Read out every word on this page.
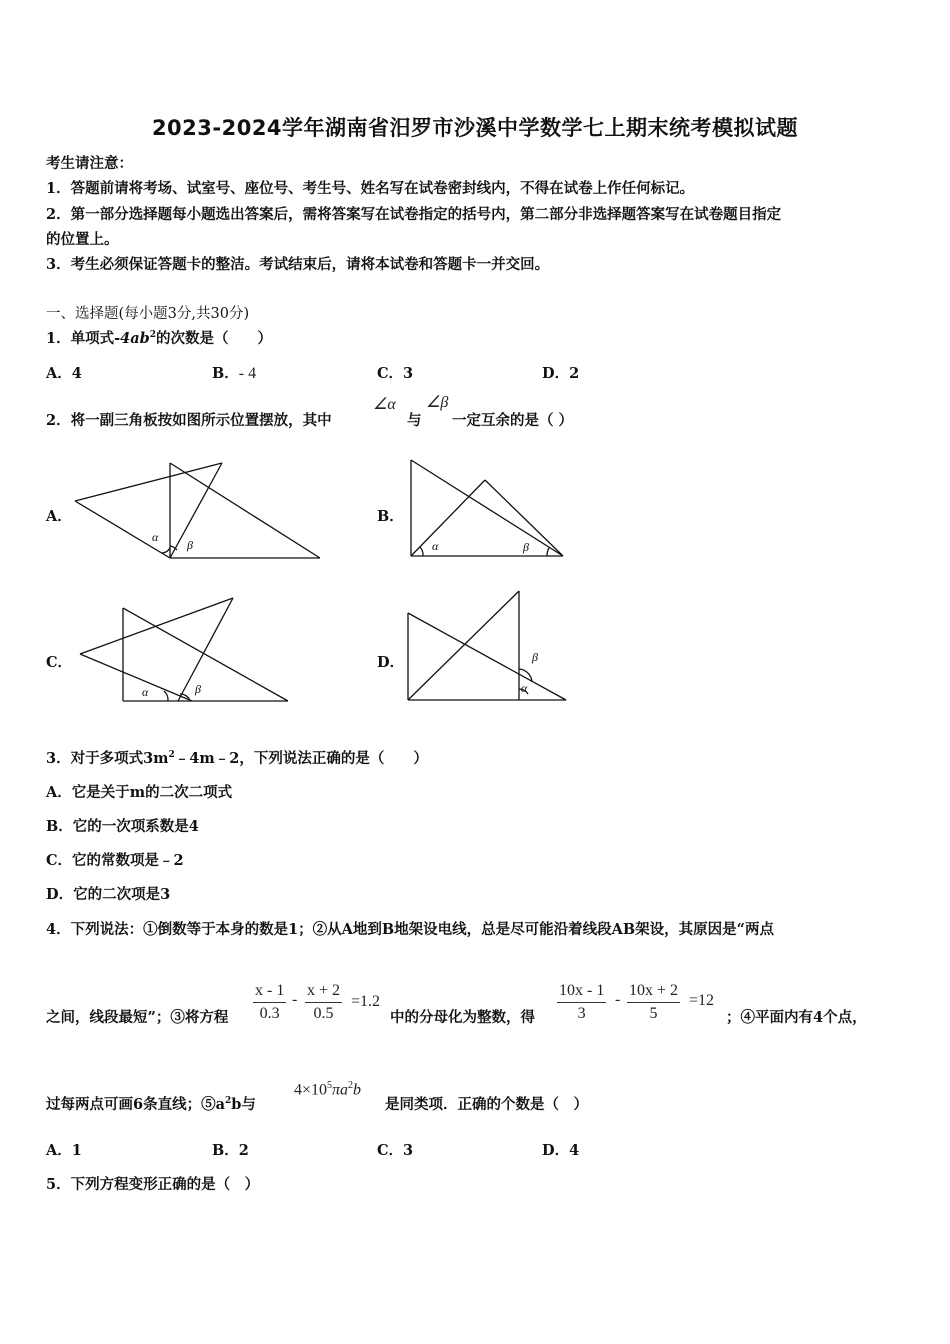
2023-2024学年湖南省汨罗市沙溪中学数学七上期末统考模拟试题
考生请注意：
1．答题前请将考场、试室号、座位号、考生号、姓名写在试卷密封线内，不得在试卷上作任何标记。
2．第一部分选择题每小题选出答案后，需将答案写在试卷指定的括号内，第二部分非选择题答案写在试卷题目指定
的位置上。
3．考生必须保证答题卡的整洁。考试结束后，请将本试卷和答题卡一并交回。
一、选择题(每小题3分,共30分)
1．单项式$-4ab^2$的次数是（　　）
A．4	B．- 4	C．3	D．2
2．将一副三角板按如图所示位置摆放，其中
∠α
与
∠β
一定互余的是（ ）
A．	B．
C．	D．
α
β	α	β
α	β	α
β
3．对于多项式$3m^2﹣4m﹣2$，下列说法正确的是（　　）
A．它是关于m的二次二项式
B．它的一次项系数是4
C．它的常数项是﹣2
D．它的二次项是3
4．下列说法：①倒数等于本身的数是1；②从A地到B地架设电线，总是尽可能沿着线段AB架设，其原因是“两点
之间，线段最短”；③将方程 $\frac{x - 1}{0.3} - \frac{x + 2}{0.5} =1.2$
中的分母化为整数，得 $\frac{10x - 1}{3} - \frac{10x + 2}{5} =12$
；④平面内有4个点，
过每两点可画6条直线；$⑤a^2b$与
$4\times 10^5\pi a^2b$
是同类项．正确的个数是（　）
A．1	B．2	C．3	D．4
5．下列方程变形正确的是（　）
